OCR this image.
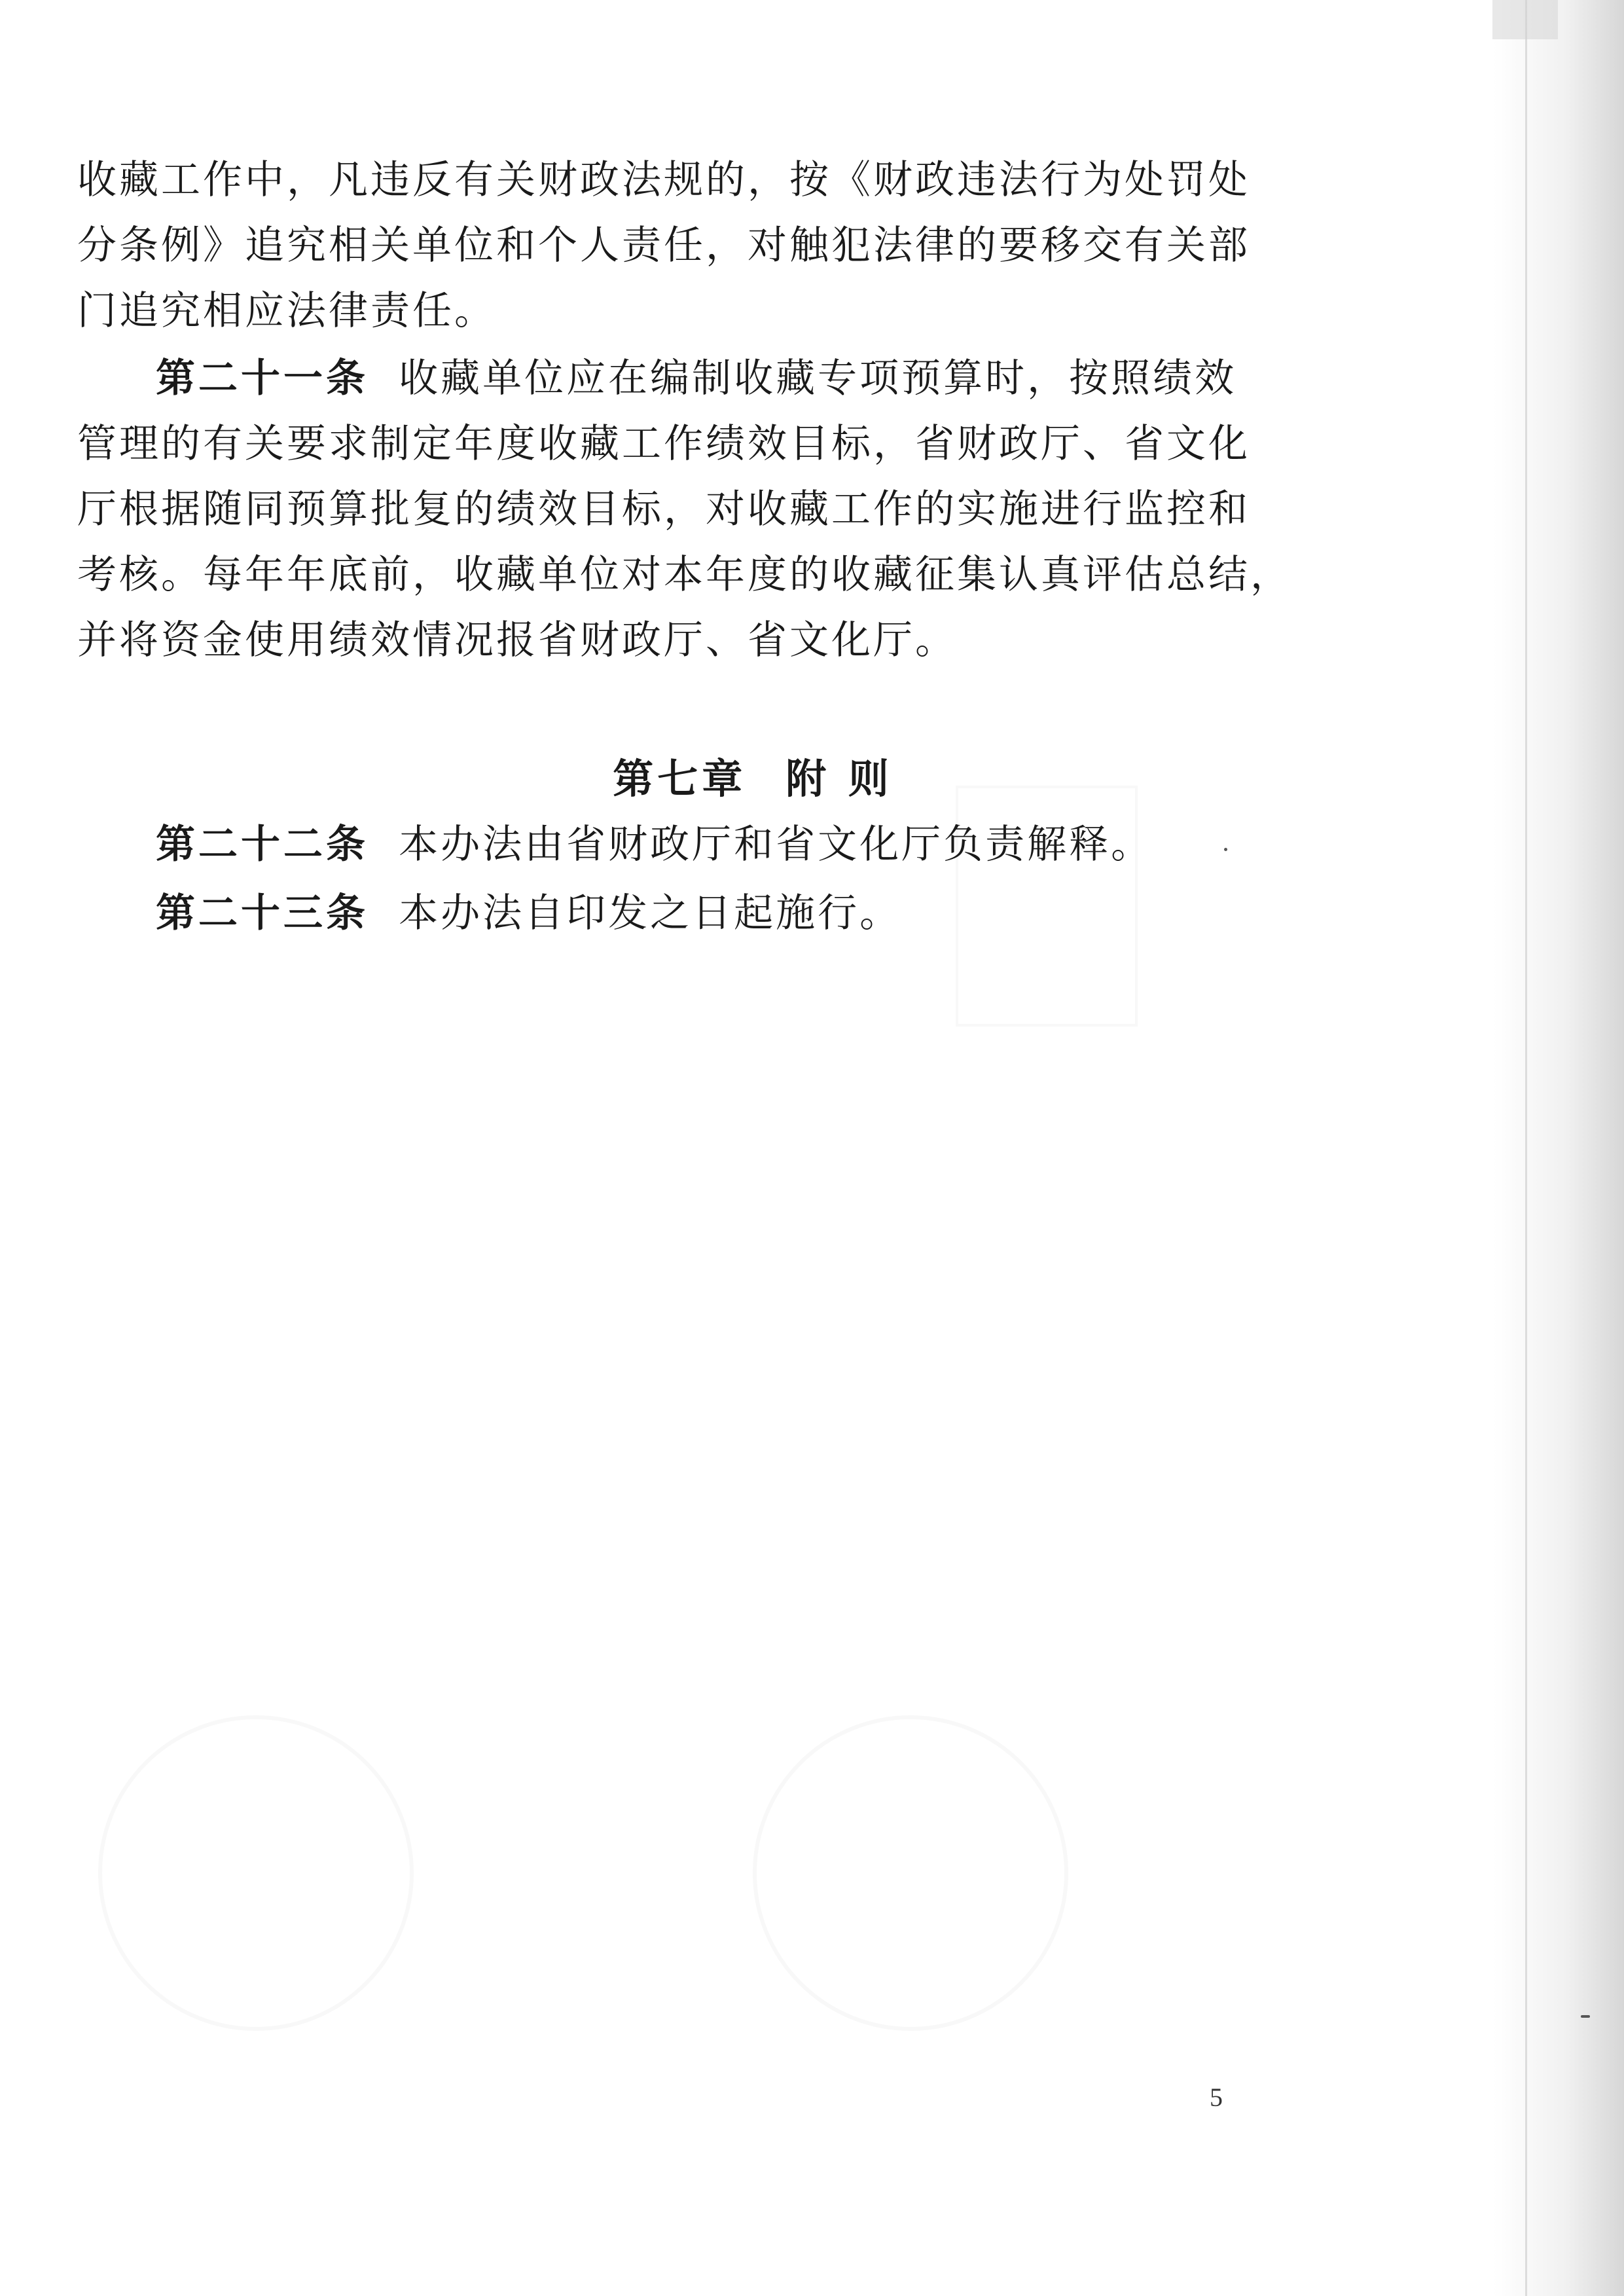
收藏工作中，凡违反有关财政法规的，按《财政违法行为处罚处
分条例》追究相关单位和个人责任，对触犯法律的要移交有关部
门追究相应法律责任。

第二十一条 收藏单位应在编制收藏专项预算时，按照绩效
管理的有关要求制定年度收藏工作绩效目标，省财政厅、省文化
厅根据随同预算批复的绩效目标，对收藏工作的实施进行监控和
考核。每年年底前，收藏单位对本年度的收藏征集认真评估总结，
并将资金使用绩效情况报省财政厅、省文化厅。

第七章 附 则

第二十二条 本办法由省财政厅和省文化厅负责解释。

第二十三条 本办法自印发之日起施行。

5
